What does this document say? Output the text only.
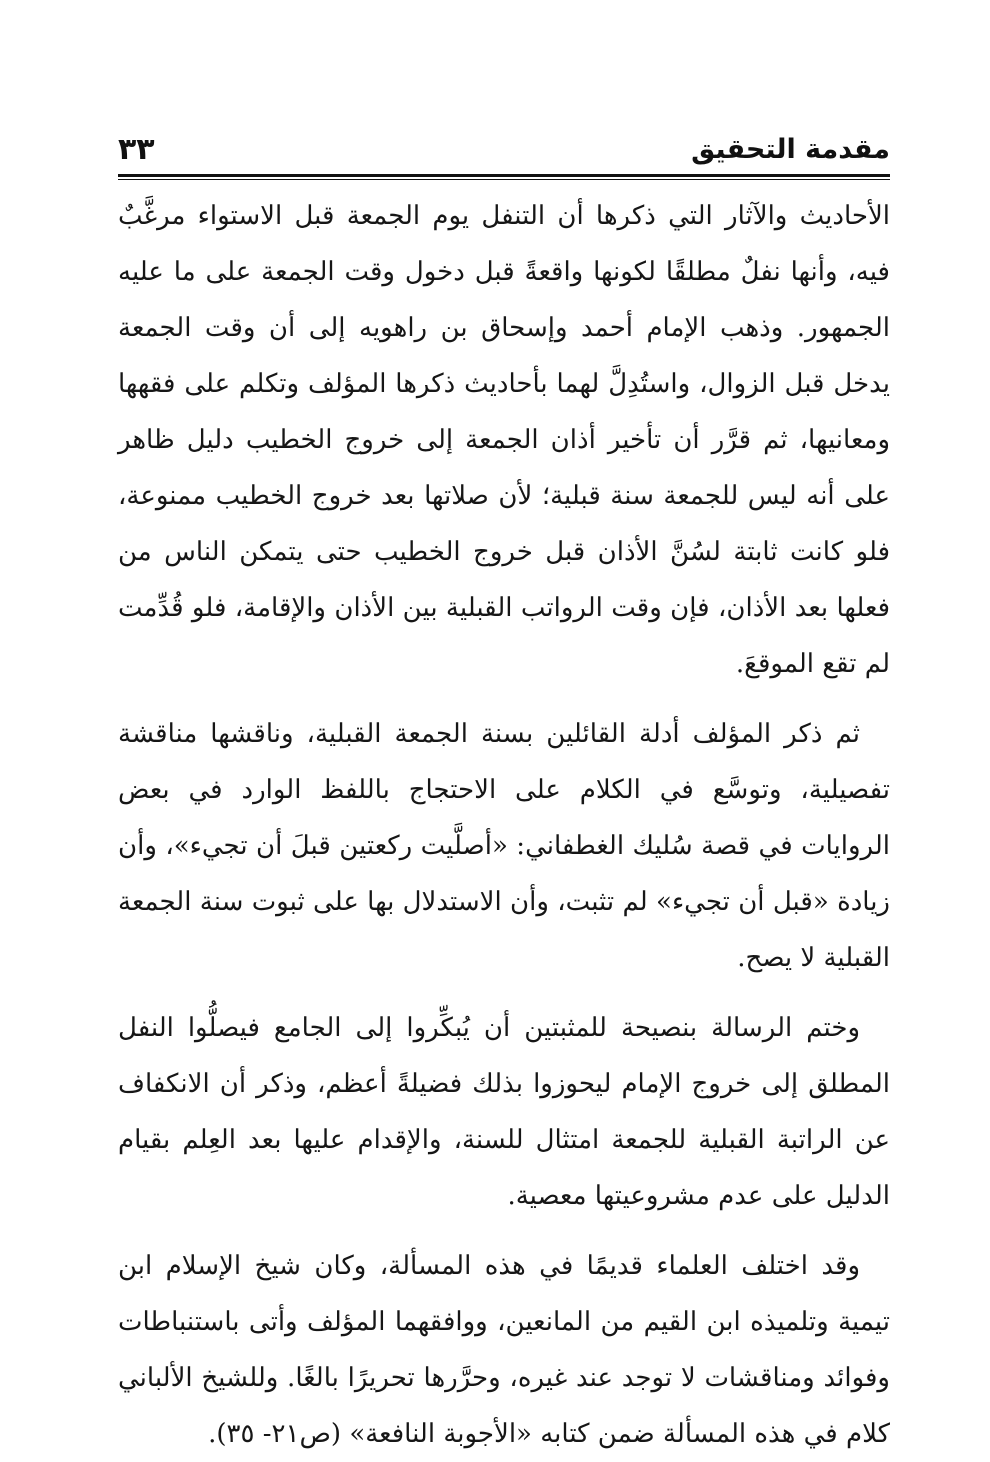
مقدمة التحقيق
٣٣

الأحاديث والآثار التي ذكرها أن التنفل يوم الجمعة قبل الاستواء مرغَّبٌ فيه، وأنها نفلٌ مطلقًا لكونها واقعةً قبل دخول وقت الجمعة على ما عليه الجمهور. وذهب الإمام أحمد وإسحاق بن راهويه إلى أن وقت الجمعة يدخل قبل الزوال، واستُدِلَّ لهما بأحاديث ذكرها المؤلف وتكلم على فقهها ومعانيها، ثم قرَّر أن تأخير أذان الجمعة إلى خروج الخطيب دليل ظاهر على أنه ليس للجمعة سنة قبلية؛ لأن صلاتها بعد خروج الخطيب ممنوعة، فلو كانت ثابتة لسُنَّ الأذان قبل خروج الخطيب حتى يتمكن الناس من فعلها بعد الأذان، فإن وقت الرواتب القبلية بين الأذان والإقامة، فلو قُدِّمت لم تقع الموقعَ.

ثم ذكر المؤلف أدلة القائلين بسنة الجمعة القبلية، وناقشها مناقشة تفصيلية، وتوسَّع في الكلام على الاحتجاج باللفظ الوارد في بعض الروايات في قصة سُليك الغطفاني: «أصلَّيت ركعتين قبلَ أن تجيء»، وأن زيادة «قبل أن تجيء» لم تثبت، وأن الاستدلال بها على ثبوت سنة الجمعة القبلية لا يصح.

وختم الرسالة بنصيحة للمثبتين أن يُبكِّروا إلى الجامع فيصلُّوا النفل المطلق إلى خروج الإمام ليحوزوا بذلك فضيلةً أعظم، وذكر أن الانكفاف عن الراتبة القبلية للجمعة امتثال للسنة، والإقدام عليها بعد العِلم بقيام الدليل على عدم مشروعيتها معصية.

وقد اختلف العلماء قديمًا في هذه المسألة، وكان شيخ الإسلام ابن تيمية وتلميذه ابن القيم من المانعين، ووافقهما المؤلف وأتى باستنباطات وفوائد ومناقشات لا توجد عند غيره، وحرَّرها تحريرًا بالغًا. وللشيخ الألباني كلام في هذه المسألة ضمن كتابه «الأجوبة النافعة» (ص٢١- ٣٥).
